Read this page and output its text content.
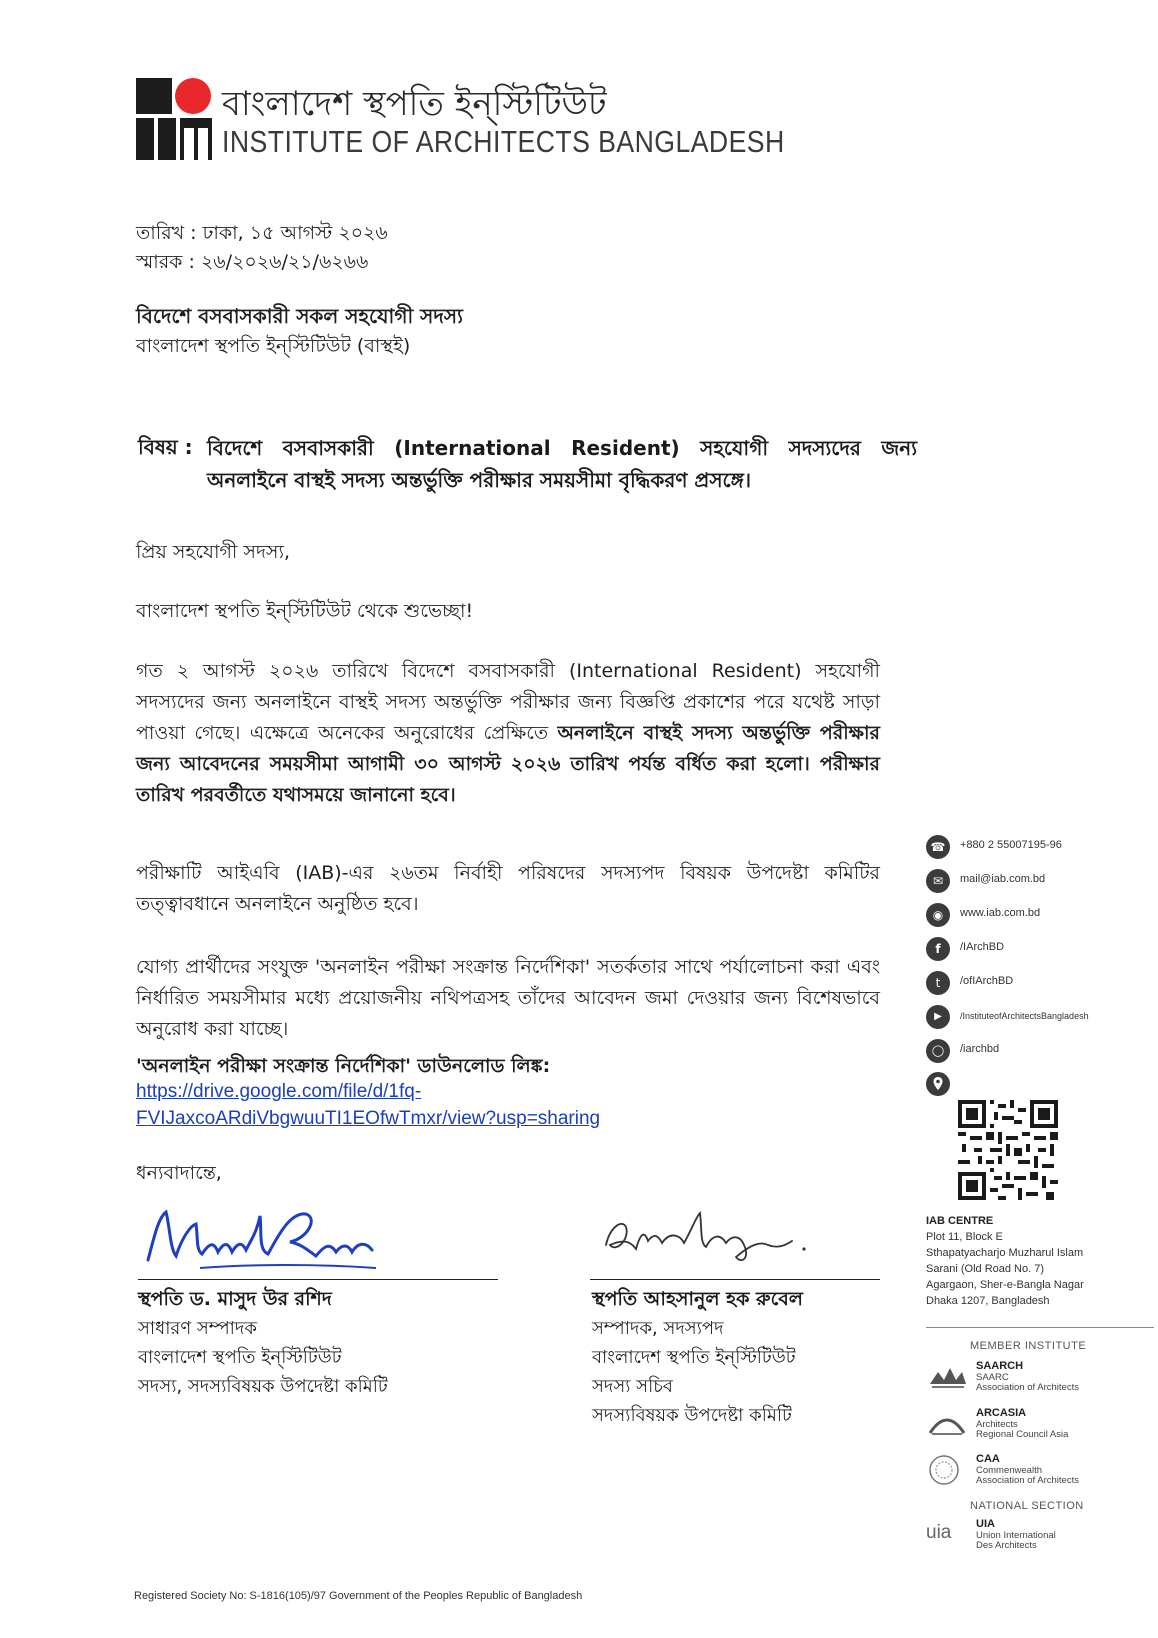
বাংলাদেশ স্থপতি ইন্‌স্টিটিউট
INSTITUTE OF ARCHITECTS BANGLADESH
তারিখ : ঢাকা, ১৫ আগস্ট ২০২৬
স্মারক : ২৬/২০২৬/২১/৬২৬৬
বিদেশে বসবাসকারী সকল সহযোগী সদস্য
বাংলাদেশ স্থপতি ইন্‌স্টিটিউট (বাস্থই)
বিষয় : বিদেশে বসবাসকারী (International Resident) সহযোগী সদস্যদের জন্য অনলাইনে বাস্থই সদস্য অন্তর্ভুক্তি পরীক্ষার সময়সীমা বৃদ্ধিকরণ প্রসঙ্গে।
প্রিয় সহযোগী সদস্য,
বাংলাদেশ স্থপতি ইন্‌স্টিটিউট থেকে শুভেচ্ছা!
গত ২ আগস্ট ২০২৬ তারিখে বিদেশে বসবাসকারী (International Resident) সহযোগী সদস্যদের জন্য অনলাইনে বাস্থই সদস্য অন্তর্ভুক্তি পরীক্ষার জন্য বিজ্ঞপ্তি প্রকাশের পরে যথেষ্ট সাড়া পাওয়া গেছে। এক্ষেত্রে অনেকের অনুরোধের প্রেক্ষিতে অনলাইনে বাস্থই সদস্য অন্তর্ভুক্তি পরীক্ষার জন্য আবেদনের সময়সীমা আগামী ৩০ আগস্ট ২০২৬ তারিখ পর্যন্ত বর্ধিত করা হলো। পরীক্ষার তারিখ পরবর্তীতে যথাসময়ে জানানো হবে।
পরীক্ষাটি আইএবি (IAB)-এর ২৬তম নির্বাহী পরিষদের সদস্যপদ বিষয়ক উপদেষ্টা কমিটির তত্ত্বাবধানে অনলাইনে অনুষ্ঠিত হবে।
যোগ্য প্রার্থীদের সংযুক্ত 'অনলাইন পরীক্ষা সংক্রান্ত নির্দেশিকা' সতর্কতার সাথে পর্যালোচনা করা এবং নির্ধারিত সময়সীমার মধ্যে প্রয়োজনীয় নথিপত্রসহ তাঁদের আবেদন জমা দেওয়ার জন্য বিশেষভাবে অনুরোধ করা যাচ্ছে।
'অনলাইন পরীক্ষা সংক্রান্ত নির্দেশিকা' ডাউনলোড লিঙ্ক:
https://drive.google.com/file/d/1fq-
FVIJaxcoARdiVbgwuuTI1EOfwTmxr/view?usp=sharing
ধন্যবাদান্তে,
স্থপতি ড. মাসুদ উর রশিদ
সাধারণ সম্পাদক
বাংলাদেশ স্থপতি ইন্‌স্টিটিউট
সদস্য, সদস্যবিষয়ক উপদেষ্টা কমিটি
স্থপতি আহসানুল হক রুবেল
সম্পাদক, সদস্যপদ
বাংলাদেশ স্থপতি ইন্‌স্টিটিউট
সদস্য সচিব
সদস্যবিষয়ক উপদেষ্টা কমিটি
☎	+880 2 55007195-96
✉	mail@iab.com.bd
◉	www.iab.com.bd
f	/IArchBD
t	/ofIArchBD
▶	/InstituteofArchitectsBangladesh
◯	/iarchbd
IAB CENTRE
Plot 11, Block E
Sthapatyacharjo Muzharul Islam
Sarani (Old Road No. 7)
Agargaon, Sher-e-Bangla Nagar
Dhaka 1207, Bangladesh
MEMBER INSTITUTE
SAARCH
SAARC
Association of Architects
ARCASIA
Architects
Regional Council Asia
CAA
Commenwealth
Association of Architects
NATIONAL SECTION
uia	UIA
Union International
Des Architects
Registered Society No: S-1816(105)/97 Government of the Peoples Republic of Bangladesh
